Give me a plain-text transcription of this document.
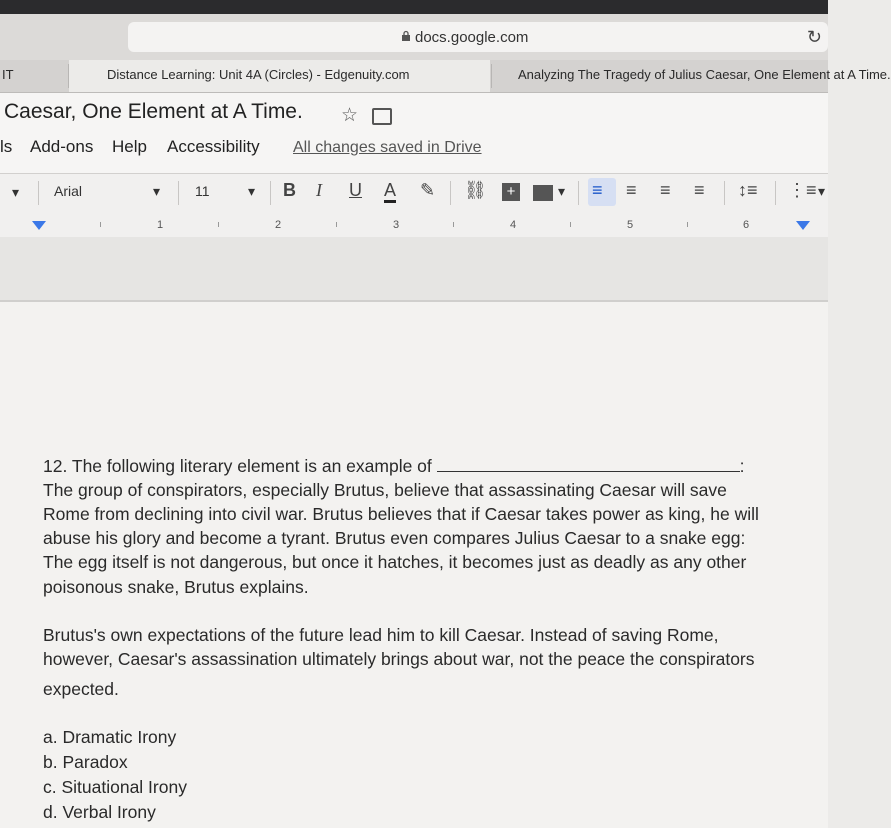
docs.google.com	↻
IT	Distance Learning: Unit 4A (Circles) - Edgenuity.com	Analyzing The Tragedy of Julius Caesar, One Element at A Time.
Caesar, One Element at A Time. ☆
ls Add-ons Help Accessibility All changes saved in Drive
▾ Arial	▾ 11	▾ B I U A ✎ ⛓	+	▾ ≡ ≡ ≡ ≡ ↕≡ ⋮≡ ▾
1	2	3	4	5	6
12. The following literary element is an example of	:
The group of conspirators, especially Brutus, believe that assassinating Caesar will save
Rome from declining into civil war. Brutus believes that if Caesar takes power as king, he will
abuse his glory and become a tyrant. Brutus even compares Julius Caesar to a snake egg:
The egg itself is not dangerous, but once it hatches, it becomes just as deadly as any other
poisonous snake, Brutus explains.
Brutus's own expectations of the future lead him to kill Caesar. Instead of saving Rome,
however, Caesar's assassination ultimately brings about war, not the peace the conspirators
expected.
a. Dramatic Irony
b. Paradox
c. Situational Irony
d. Verbal Irony
